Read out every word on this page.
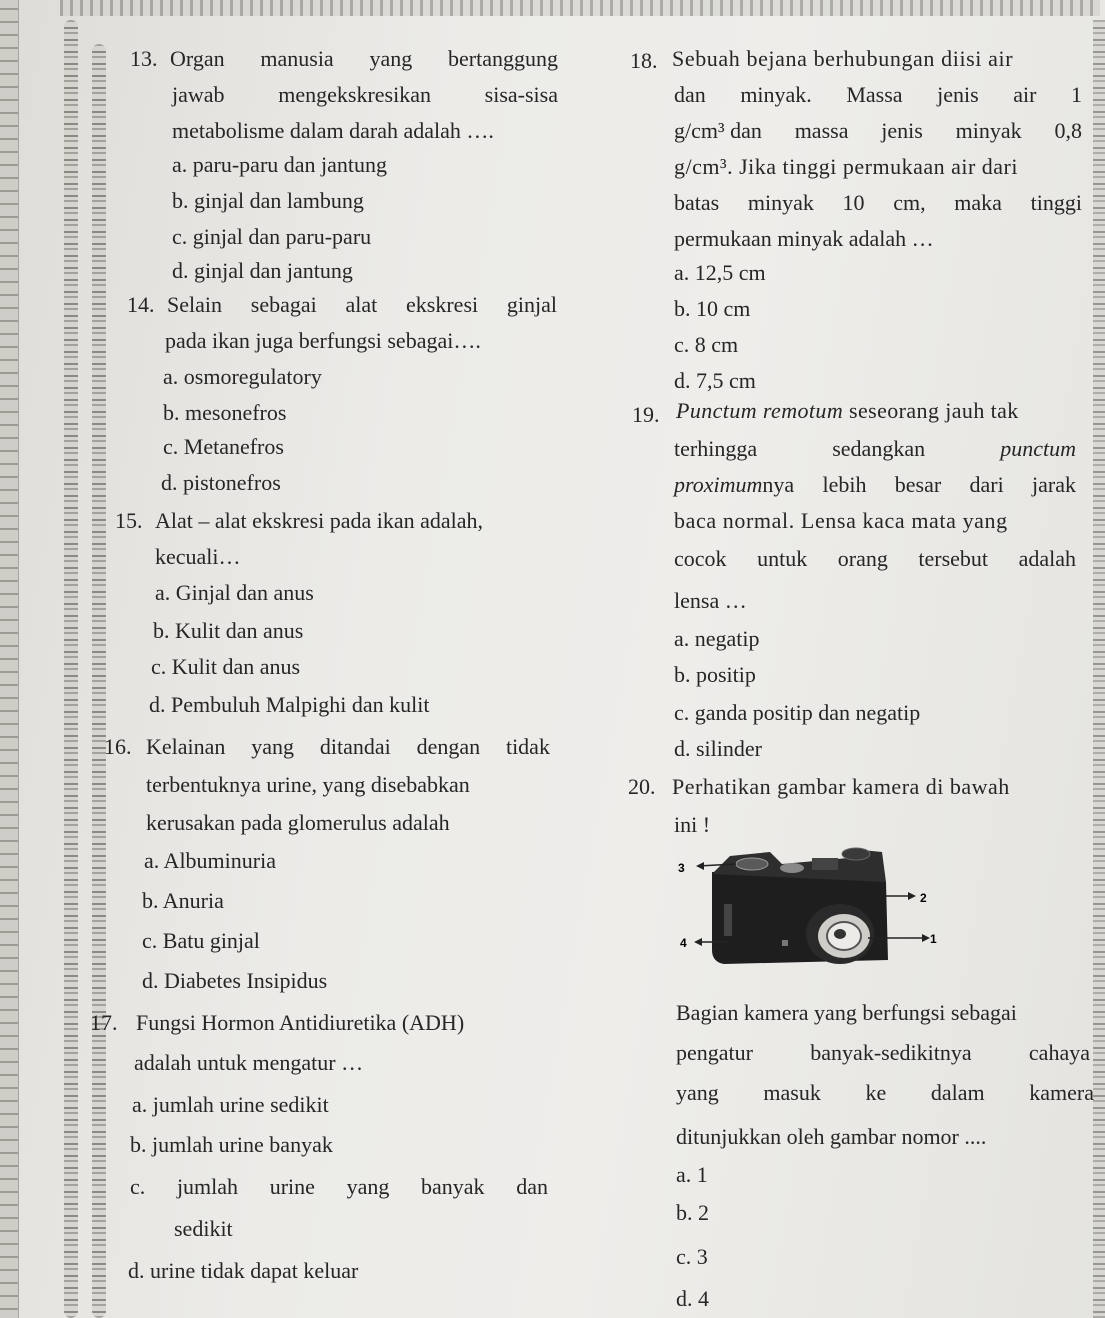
13. Organ manusia yang bertanggung
jawab mengekskresikan sisa-sisa
metabolisme dalam darah adalah ….
a. paru-paru dan jantung
b. ginjal dan lambung
c. ginjal dan paru-paru
d. ginjal dan jantung
14. Selain sebagai alat ekskresi ginjal
pada ikan juga berfungsi sebagai….
a. osmoregulatory
b. mesonefros
c. Metanefros
d. pistonefros
15. Alat – alat ekskresi pada ikan adalah,
kecuali…
a. Ginjal dan anus
b. Kulit dan anus
c. Kulit dan anus
d. Pembuluh Malpighi dan kulit
16. Kelainan yang ditandai dengan tidak
terbentuknya urine, yang disebabkan
kerusakan pada glomerulus adalah
a. Albuminuria
b. Anuria
c. Batu ginjal
d. Diabetes Insipidus
17. Fungsi Hormon Antidiuretika (ADH)
adalah untuk mengatur …
a. jumlah urine sedikit
b. jumlah urine banyak
c. jumlah urine yang banyak dan
sedikit
d. urine tidak dapat keluar
18. Sebuah bejana berhubungan diisi air
dan minyak. Massa jenis air 1
g/cm³ dan massa jenis minyak 0,8
g/cm³. Jika tinggi permukaan air dari
batas minyak 10 cm, maka tinggi
permukaan minyak adalah …
a. 12,5 cm
b. 10 cm
c. 8 cm
d. 7,5 cm
19. Punctum remotum seseorang jauh tak
terhingga	sedangkan	punctum
proximumnya lebih besar dari jarak
baca normal. Lensa kaca mata yang
cocok untuk orang tersebut adalah
lensa …
a. negatip
b. positip
c. ganda positip dan negatip
d. silinder
20. Perhatikan gambar kamera di bawah
ini !
3
2
4	1
Bagian kamera yang berfungsi sebagai
pengatur	banyak-sedikitnya	cahaya
yang masuk ke dalam kamera
ditunjukkan oleh gambar nomor ....
a. 1
b. 2
c. 3
d. 4
